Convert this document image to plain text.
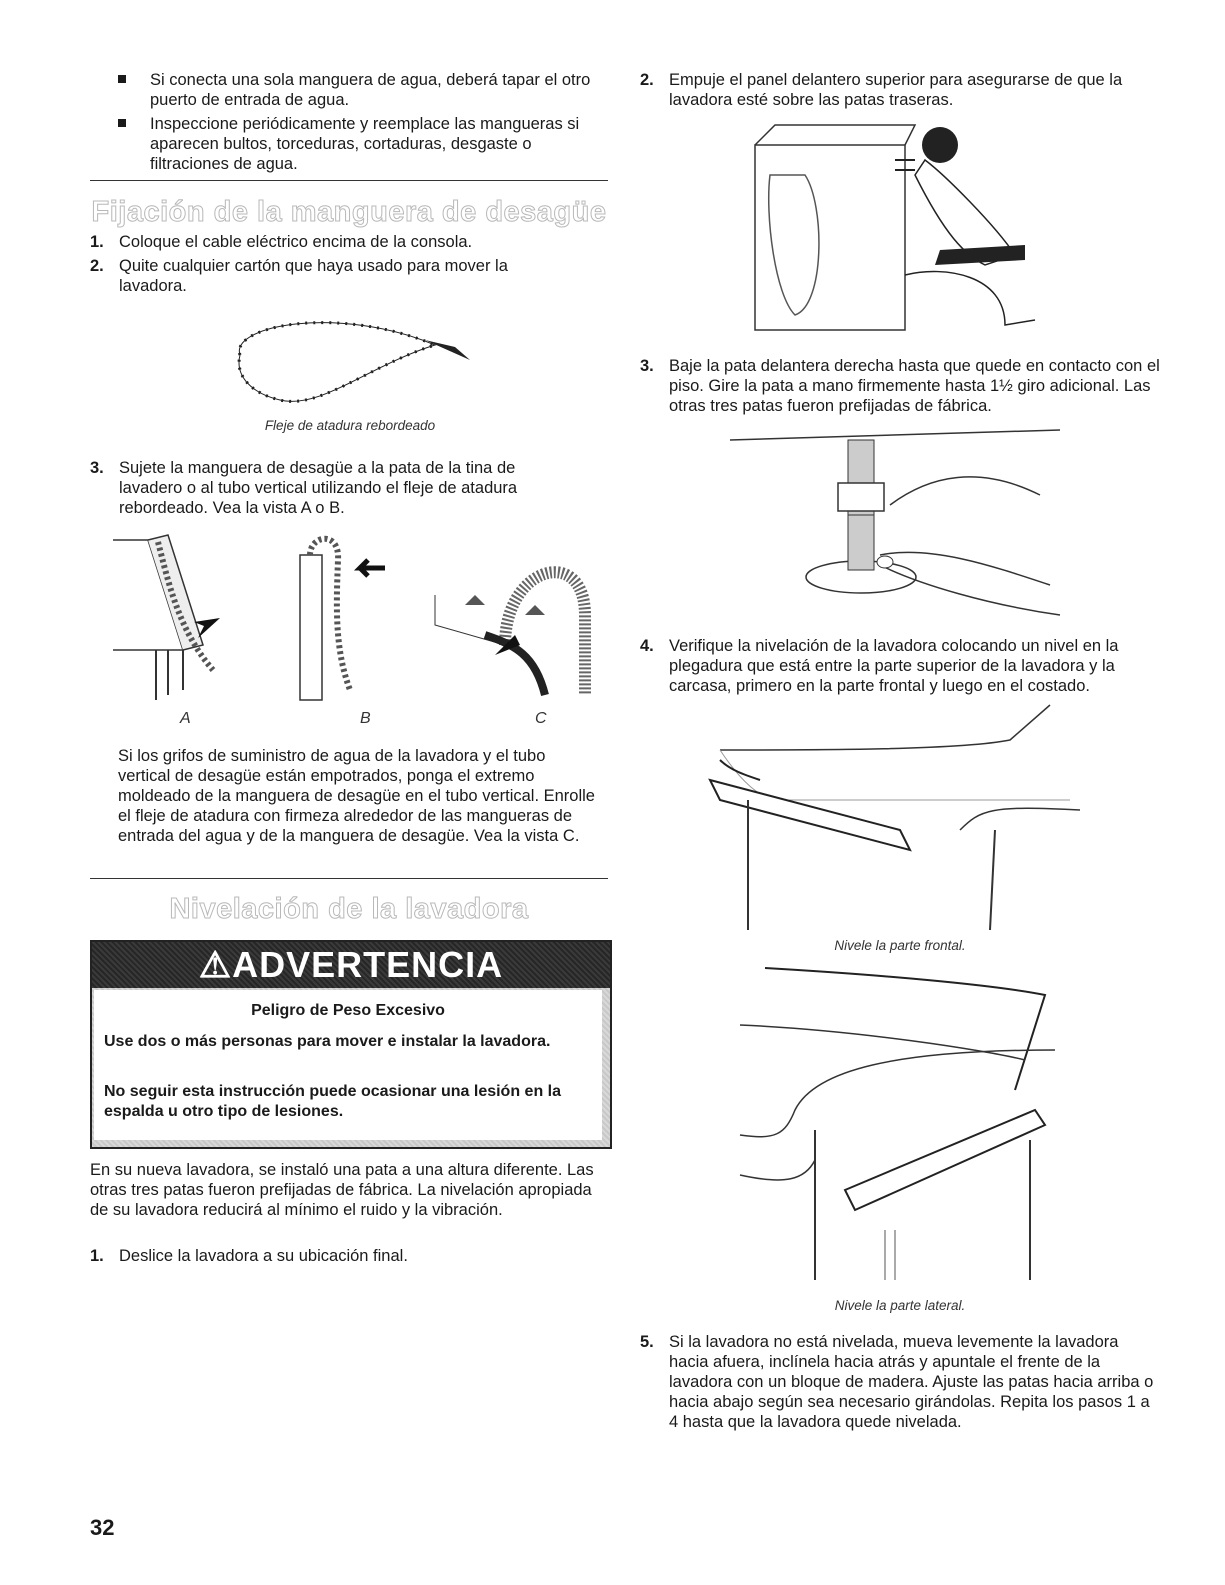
Si conecta una sola manguera de agua, deberá tapar el otro puerto de entrada de agua.

Inspeccione periódicamente y reemplace las mangueras si aparecen bultos, torceduras, cortaduras, desgaste o filtraciones de agua.

Fijación de la manguera de desagüe
1. Coloque el cable eléctrico encima de la consola.

2. Quite cualquier cartón que haya usado para mover la lavadora.

Fleje de atadura rebordeado
3. Sujete la manguera de desagüe a la pata de la tina de lavadero o al tubo vertical utilizando el fleje de atadura rebordeado. Vea la vista A o B.

A	B	C

Si los grifos de suministro de agua de la lavadora y el tubo vertical de desagüe están empotrados, ponga el extremo moldeado de la manguera de desagüe en el tubo vertical. Enrolle el fleje de atadura con firmeza alrededor de las mangueras de entrada del agua y de la manguera de desagüe. Vea la vista C.

Nivelación de la lavadora
⚠ADVERTENCIA
Peligro de Peso Excesivo
Use dos o más personas para mover e instalar la lavadora.
No seguir esta instrucción puede ocasionar una lesión en la espalda u otro tipo de lesiones.

En su nueva lavadora, se instaló una pata a una altura diferente. Las otras tres patas fueron prefijadas de fábrica. La nivelación apropiada de su lavadora reducirá al mínimo el ruido y la vibración.

1. Deslice la lavadora a su ubicación final.

2. Empuje el panel delantero superior para asegurarse de que la lavadora esté sobre las patas traseras.

3. Baje la pata delantera derecha hasta que quede en contacto con el piso. Gire la pata a mano firmemente hasta 1½ giro adicional. Las otras tres patas fueron prefijadas de fábrica.

4. Verifique la nivelación de la lavadora colocando un nivel en la plegadura que está entre la parte superior de la lavadora y la carcasa, primero en la parte frontal y luego en el costado.

Nivele la parte frontal.
Nivele la parte lateral.
5. Si la lavadora no está nivelada, mueva levemente la lavadora hacia afuera, inclínela hacia atrás y apuntale el frente de la lavadora con un bloque de madera. Ajuste las patas hacia arriba o hacia abajo según sea necesario girándolas. Repita los pasos 1 a 4 hasta que la lavadora quede nivelada.

32
